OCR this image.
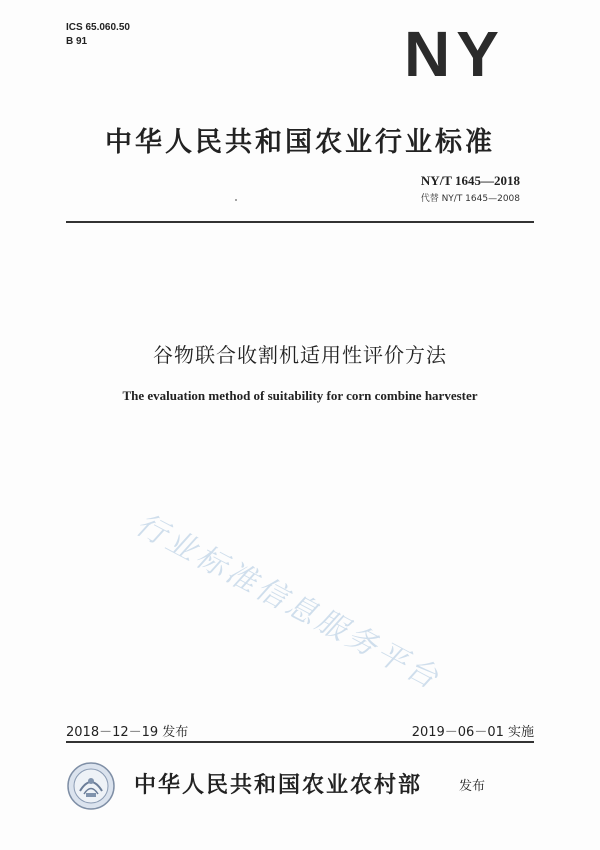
ICS 65.060.50
B 91	NY
中华人民共和国农业行业标准
NY/T 1645—2018
代替 NY/T 1645—2008
谷物联合收割机适用性评价方法
The evaluation method of suitability for corn combine harvester
行业标准信息服务平台
2018－12－19 发布	2019－06－01 实施
中华人民共和国农业农村部	发布
